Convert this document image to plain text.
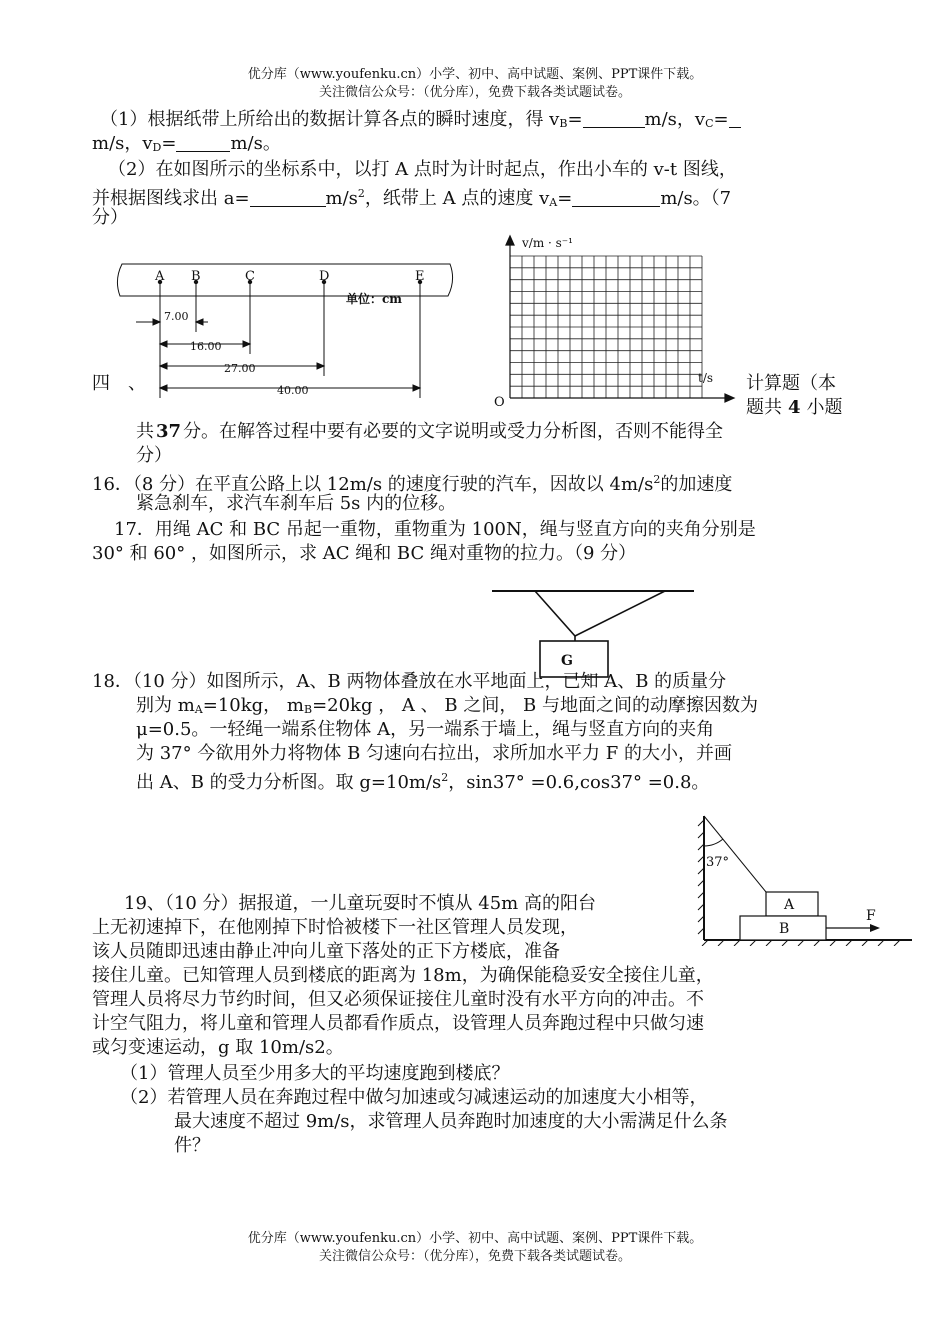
优分库（www.youfenku.cn）小学、初中、高中试题、案例、PPT课件下载。
关注微信公众号：（优分库），免费下载各类试题试卷。
（1）根据纸带上所给出的数据计算各点的瞬时速度，得 vB=	m/s，vC=
m/s，vD=	m/s。
（2）在如图所示的坐标系中，以打 A 点时为计时起点，作出小车的 v-t 图线，
并根据图线求出 a=	$m/s^2$，纸带上 A 点的速度 vA=	m/s。（7
分）
A B	C	D	E
单位：cm
7.00
16.00
27.00
40.00
v/m · s⁻¹
t/s
O
四　、	计算题（本
题共 4 小题
共 37 分。在解答过程中要有必要的文字说明或受力分析图，否则不能得全
分）
16．（8 分）在平直公路上以 12m/s 的速度行驶的汽车，因故以 $4m/s^2$的加速度
紧急刹车，求汽车刹车后 5s 内的位移。
17．用绳 AC 和 BC 吊起一重物，重物重为 100N，绳与竖直方向的夹角分别是
30° 和 60° ，如图所示，求 AC 绳和 BC 绳对重物的拉力。（9 分）
G
18．（10 分）如图所示，A、B 两物体叠放在水平地面上，已知 A、B 的质量分
别为 mA=10kg， mB=20kg ， A 、 B 之间， B 与地面之间的动摩擦因数为
μ=0.5。一轻绳一端系住物体 A，另一端系于墙上，绳与竖直方向的夹角
为 37° 今欲用外力将物体 B 匀速向右拉出，求所加水平力 F 的大小，并画
出 A、B 的受力分析图。取 $g=10m/s^2$，sin37° =0.6,cos37° =0.8。
37°
A
B
F
19、（10 分）据报道，一儿童玩耍时不慎从 45m 高的阳台
上无初速掉下，在他刚掉下时恰被楼下一社区管理人员发现，
该人员随即迅速由静止冲向儿童下落处的正下方楼底，准备
接住儿童。已知管理人员到楼底的距离为 18m，为确保能稳妥安全接住儿童，
管理人员将尽力节约时间，但又必须保证接住儿童时没有水平方向的冲击。不
计空气阻力，将儿童和管理人员都看作质点，设管理人员奔跑过程中只做匀速
或匀变速运动，g 取 10m/s2。
（1）管理人员至少用多大的平均速度跑到楼底？
（2）若管理人员在奔跑过程中做匀加速或匀减速运动的加速度大小相等，
最大速度不超过 9m/s，求管理人员奔跑时加速度的大小需满足什么条
件？
优分库（www.youfenku.cn）小学、初中、高中试题、案例、PPT课件下载。
关注微信公众号：（优分库），免费下载各类试题试卷。
